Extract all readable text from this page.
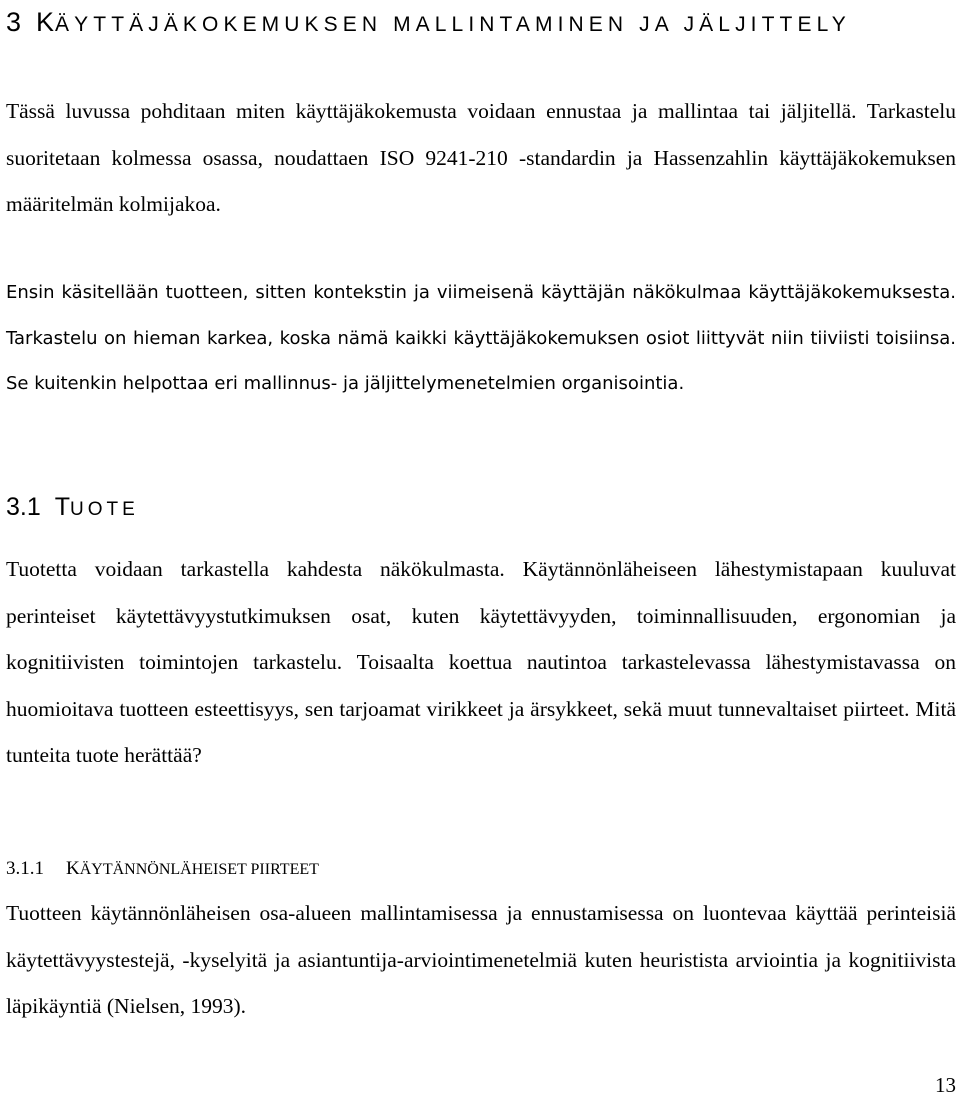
3 KÄYTTÄJÄKOKEMUKSEN MALLINTAMINEN JA JÄLJITTELY

Tässä luvussa pohditaan miten käyttäjäkokemusta voidaan ennustaa ja mallintaa tai jäljitellä. Tarkastelu suoritetaan kolmessa osassa, noudattaen ISO 9241-210 -standardin ja Hassenzahlin käyttäjäkokemuksen määritelmän kolmijakoa.

Ensin käsitellään tuotteen, sitten kontekstin ja viimeisenä käyttäjän näkökulmaa käyttäjäkokemuksesta. Tarkastelu on hieman karkea, koska nämä kaikki käyttäjäkokemuksen osiot liittyvät niin tiiviisti toisiinsa. Se kuitenkin helpottaa eri mallinnus- ja jäljittelymenetelmien organisointia.

3.1 TUOTE

Tuotetta voidaan tarkastella kahdesta näkökulmasta. Käytännönläheiseen lähestymistapaan kuuluvat perinteiset käytettävyystutkimuksen osat, kuten käytettävyyden, toiminnallisuuden, ergonomian ja kognitiivisten toimintojen tarkastelu. Toisaalta koettua nautintoa tarkastelevassa lähestymistavassa on huomioitava tuotteen esteettisyys, sen tarjoamat virikkeet ja ärsykkeet, sekä muut tunnevaltaiset piirteet. Mitä tunteita tuote herättää?

3.1.1 KÄYTÄNNÖNLÄHEISET PIIRTEET

Tuotteen käytännönläheisen osa-alueen mallintamisessa ja ennustamisessa on luontevaa käyttää perinteisiä käytettävyystestejä, -kyselyitä ja asiantuntija-arviointimenetelmiä kuten heuristista arviointia ja kognitiivista läpikäyntiä (Nielsen, 1993).

13
